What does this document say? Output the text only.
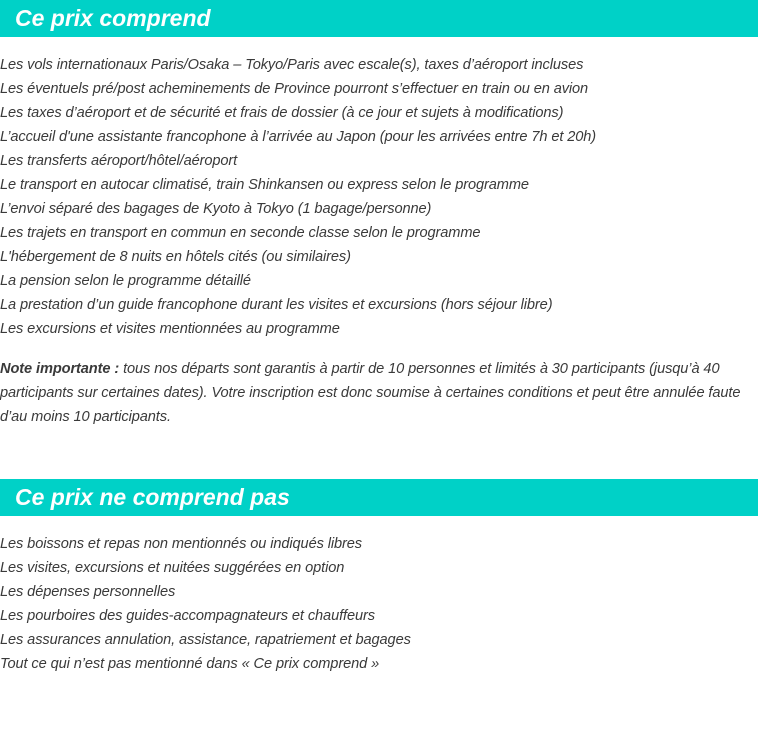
Ce prix comprend
Les vols internationaux Paris/Osaka – Tokyo/Paris avec escale(s), taxes d’aéroport incluses
Les éventuels pré/post acheminements de Province pourront s’effectuer en train ou en avion
Les taxes d’aéroport et de sécurité et frais de dossier (à ce jour et sujets à modifications)
L’accueil d'une assistante francophone à l’arrivée au Japon (pour les arrivées entre 7h et 20h)
Les transferts aéroport/hôtel/aéroport
Le transport en autocar climatisé, train Shinkansen ou express selon le programme
L’envoi séparé des bagages de Kyoto à Tokyo (1 bagage/personne)
Les trajets en transport en commun en seconde classe selon le programme
L'hébergement de 8 nuits en hôtels cités (ou similaires)
La pension selon le programme détaillé
La prestation d’un guide francophone durant les visites et excursions (hors séjour libre)
Les excursions et visites mentionnées au programme

Note importante : tous nos départs sont garantis à partir de 10 personnes et limités à 30 participants (jusqu’à 40 participants sur certaines dates). Votre inscription est donc soumise à certaines conditions et peut être annulée faute d’au moins 10 participants.

Ce prix ne comprend pas
Les boissons et repas non mentionnés ou indiqués libres
Les visites, excursions et nuitées suggérées en option
Les dépenses personnelles
Les pourboires des guides-accompagnateurs et chauffeurs
Les assurances annulation, assistance, rapatriement et bagages
Tout ce qui n’est pas mentionné dans « Ce prix comprend »
